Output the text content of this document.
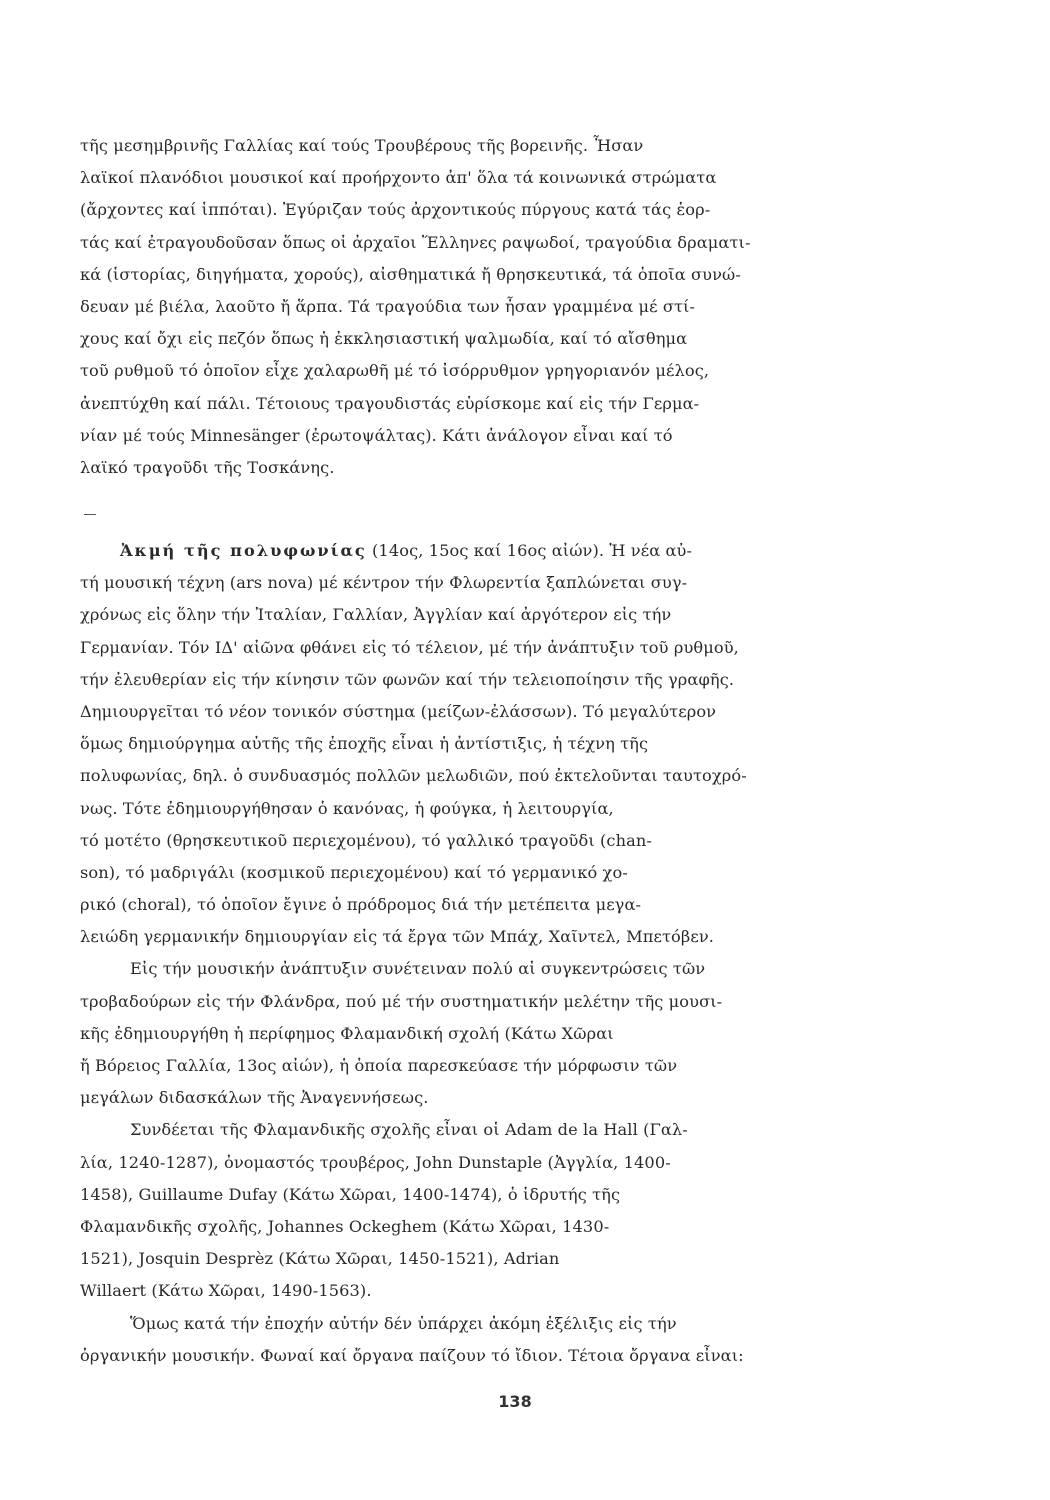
τῆς μεσημβρινῆς Γαλλίας καί τούς Τρουβέρους τῆς βορεινῆς. Ἦσαν
λαϊκοί πλανόδιοι μουσικοί καί προήρχοντο ἀπ' ὅλα τά κοινωνικά στρώματα
(ἄρχοντες καί ἱππόται). Ἐγύριζαν τούς ἀρχοντικούς πύργους κατά τάς ἑορ-
τάς καί ἐτραγουδοῦσαν ὅπως οἱ ἀρχαῖοι Ἕλληνες ραψωδοί, τραγούδια δραματι-
κά (ἱστορίας, διηγήματα, χορούς), αἰσθηματικά ἤ θρησκευτικά, τά ὁποῖα συνώ-
δευαν μέ βιέλα, λαοῦτο ἤ ἅρπα. Τά τραγούδια των ἦσαν γραμμένα μέ στί-
χους καί ὄχι εἰς πεζόν ὅπως ἡ ἐκκλησιαστική ψαλμωδία, καί τό αἴσθημα
τοῦ ρυθμοῦ τό ὁποῖον εἶχε χαλαρωθῆ μέ τό ἰσόρρυθμον γρηγοριανόν μέλος,
ἀνεπτύχθη καί πάλι. Τέτοιους τραγουδιστάς εὑρίσκομε καί εἰς τήν Γερμα-
νίαν μέ τούς Minnesänger (ἐρωτοψάλτας). Κάτι ἀνάλογον εἶναι καί τό
λαϊκό τραγοῦδι τῆς Τοσκάνης.
Ἀκμή τῆς πολυφωνίας (14ος, 15ος καί 16ος αἰών). Ἡ νέα αὐ-
τή μουσική τέχνη (ars nova) μέ κέντρον τήν Φλωρεντία ξαπλώνεται συγ-
χρόνως εἰς ὅλην τήν Ἰταλίαν, Γαλλίαν, Ἀγγλίαν καί ἀργότερον εἰς τήν
Γερμανίαν. Τόν ΙΔ' αἰῶνα φθάνει εἰς τό τέλειον, μέ τήν ἀνάπτυξιν τοῦ ρυθμοῦ,
τήν ἐλευθερίαν εἰς τήν κίνησιν τῶν φωνῶν καί τήν τελειοποίησιν τῆς γραφῆς.
Δημιουργεῖται τό νέον τονικόν σύστημα (μείζων-ἐλάσσων). Τό μεγαλύτερον
ὅμως δημιούργημα αὐτῆς τῆς ἐποχῆς εἶναι ἡ ἀντίστιξις, ἡ τέχνη τῆς
πολυφωνίας, δηλ. ὁ συνδυασμός πολλῶν μελωδιῶν, πού ἐκτελοῦνται ταυτοχρό-
νως. Τότε ἐδημιουργήθησαν ὁ κανόνας, ἡ φούγκα, ἡ λειτουργία,
τό μοτέτο (θρησκευτικοῦ περιεχομένου), τό γαλλικό τραγοῦδι (chan-
son), τό μαδριγάλι (κοσμικοῦ περιεχομένου) καί τό γερμανικό χο-
ρικό (choral), τό ὁποῖον ἔγινε ὁ πρόδρομος διά τήν μετέπειτα μεγα-
λειώδη γερμανικήν δημιουργίαν εἰς τά ἔργα τῶν Μπάχ, Χαῖντελ, Μπετόβεν.
Εἰς τήν μουσικήν ἀνάπτυξιν συνέτειναν πολύ αἱ συγκεντρώσεις τῶν
τροβαδούρων εἰς τήν Φλάνδρα, πού μέ τήν συστηματικήν μελέτην τῆς μουσι-
κῆς ἐδημιουργήθη ἡ περίφημος Φλαμανδική σχολή (Κάτω Χῶραι
ἤ Βόρειος Γαλλία, 13ος αἰών), ἡ ὁποία παρεσκεύασε τήν μόρφωσιν τῶν
μεγάλων διδασκάλων τῆς Ἀναγεννήσεως.
Συνδέεται τῆς Φλαμανδικῆς σχολῆς εἶναι οἱ Adam de la Hall (Γαλ-
λία, 1240-1287), ὀνομαστός τρουβέρος, John Dunstaple (Ἀγγλία, 1400-
1458), Guillaume Dufay (Κάτω Χῶραι, 1400-1474), ὁ ἱδρυτής τῆς
Φλαμανδικῆς σχολῆς, Johannes Ockeghem (Κάτω Χῶραι, 1430-
1521), Josquin Desprèz (Κάτω Χῶραι, 1450-1521), Adrian
Willaert (Κάτω Χῶραι, 1490-1563).
Ὅμως κατά τήν ἐποχήν αὐτήν δέν ὑπάρχει ἀκόμη ἐξέλιξις εἰς τήν
ὀργανικήν μουσικήν. Φωναί καί ὄργανα παίζουν τό ἴδιον. Τέτοια ὄργανα εἶναι:
138
